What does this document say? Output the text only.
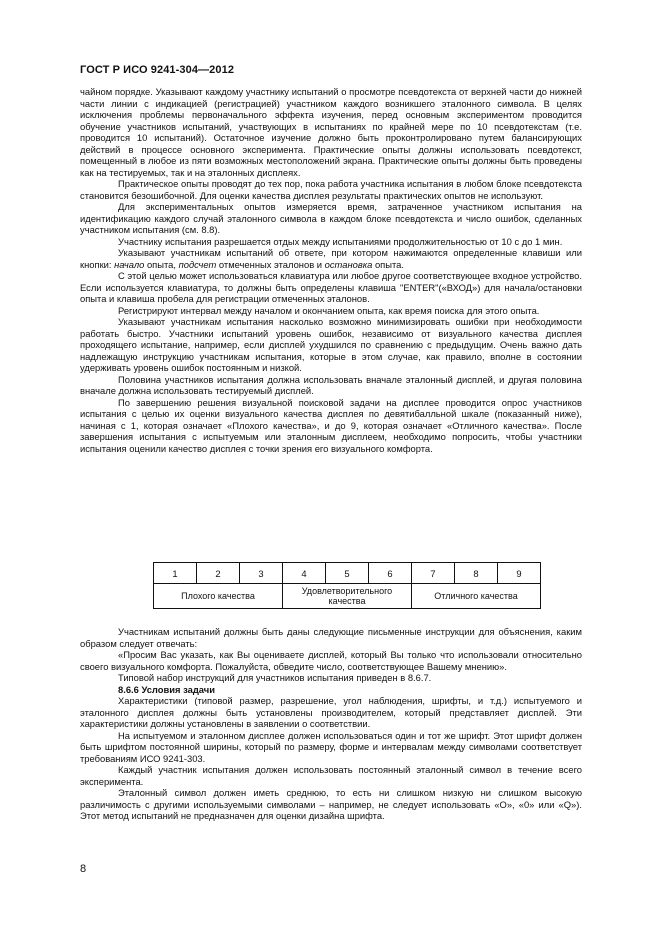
ГОСТ Р ИСО 9241-304—2012

чайном порядке. Указывают каждому участнику испытаний о просмотре псевдотекста от верхней части до нижней части линии с индикацией (регистрацией) участником каждого возникшего эталонного символа. В целях исключения проблемы первоначального эффекта изучения, перед основным экспериментом проводится обучение участников испытаний, участвующих в испытаниях по крайней мере по 10 псевдотекстам (т.е. проводится 10 испытаний). Остаточное изучение должно быть проконтролировано путем балансирующих действий в процессе основного эксперимента. Практические опыты должны использовать псевдотекст, помещенный в любое из пяти возможных местоположений экрана. Практические опыты должны быть проведены как на тестируемых, так и на эталонных дисплеях.

Практическое опыты проводят до тех пор, пока работа участника испытания в любом блоке псевдотекста становится безошибочной. Для оценки качества дисплея результаты практических опытов не используют.

Для экспериментальных опытов измеряется время, затраченное участником испытания на идентификацию каждого случай эталонного символа в каждом блоке псевдотекста и число ошибок, сделанных участником испытания (см. 8.8).

Участнику испытания разрешается отдых между испытаниями продолжительностью от 10 с до 1 мин.

Указывают участникам испытаний об ответе, при котором нажимаются определенные клавиши или кнопки: начало опыта, подсчет отмеченных эталонов и остановка опыта.

С этой целью может использоваться клавиатура или любое другое соответствующее входное устройство. Если используется клавиатура, то должны быть определены клавиша "ENTER"(«ВХОД») для начала/остановки опыта и клавиша пробела для регистрации отмеченных эталонов.

Регистрируют интервал между началом и окончанием опыта, как время поиска для этого опыта.

Указывают участникам испытания насколько возможно минимизировать ошибки при необходимости работать быстро. Участники испытаний уровень ошибок, независимо от визуального качества дисплея проходящего испытание, например, если дисплей ухудшился по сравнению с предыдущим. Очень важно дать надлежащую инструкцию участникам испытания, которые в этом случае, как правило, вполне в состоянии удерживать уровень ошибок постоянным и низкой.

Половина участников испытания должна использовать вначале эталонный дисплей, и другая половина вначале должна использовать тестируемый дисплей.

По завершению решения визуальной поисковой задачи на дисплее проводится опрос участников испытания с целью их оценки визуального качества дисплея по девятибалльной шкале (показанный ниже), начиная с 1, которая означает «Плохого качества», и до 9, которая означает «Отличного качества». После завершения испытания с испытуемым или эталонным дисплеем, необходимо попросить, чтобы участники испытания оценили качество дисплея с точки зрения его визуального комфорта.

1	2	3	4	5	6	7	8	9
Плохого качества			Удовлетворительного качества			Отличного качества		

Участникам испытаний должны быть даны следующие письменные инструкции для объяснения, каким образом следует отвечать:

«Просим Вас указать, как Вы оцениваете дисплей, который Вы только что использовали относительно своего визуального комфорта. Пожалуйста, обведите число, соответствующее Вашему мнению».

Типовой набор инструкций для участников испытания приведен в 8.6.7.

8.6.6 Условия задачи

Характеристики (типовой размер, разрешение, угол наблюдения, шрифты, и т.д.) испытуемого и эталонного дисплея должны быть установлены производителем, который представляет дисплей. Эти характеристики должны установлены в заявлении о соответствии.

На испытуемом и эталонном дисплее должен использоваться один и тот же шрифт. Этот шрифт должен быть шрифтом постоянной ширины, который по размеру, форме и интервалам между символами соответствует требованиям ИСО 9241-303.

Каждый участник испытания должен использовать постоянный эталонный символ в течение всего эксперимента.

Эталонный символ должен иметь среднюю, то есть ни слишком низкую ни слишком высокую различимость с другими используемыми символами – например, не следует использовать «О», «0» или «Q»). Этот метод испытаний не предназначен для оценки дизайна шрифта.

8
